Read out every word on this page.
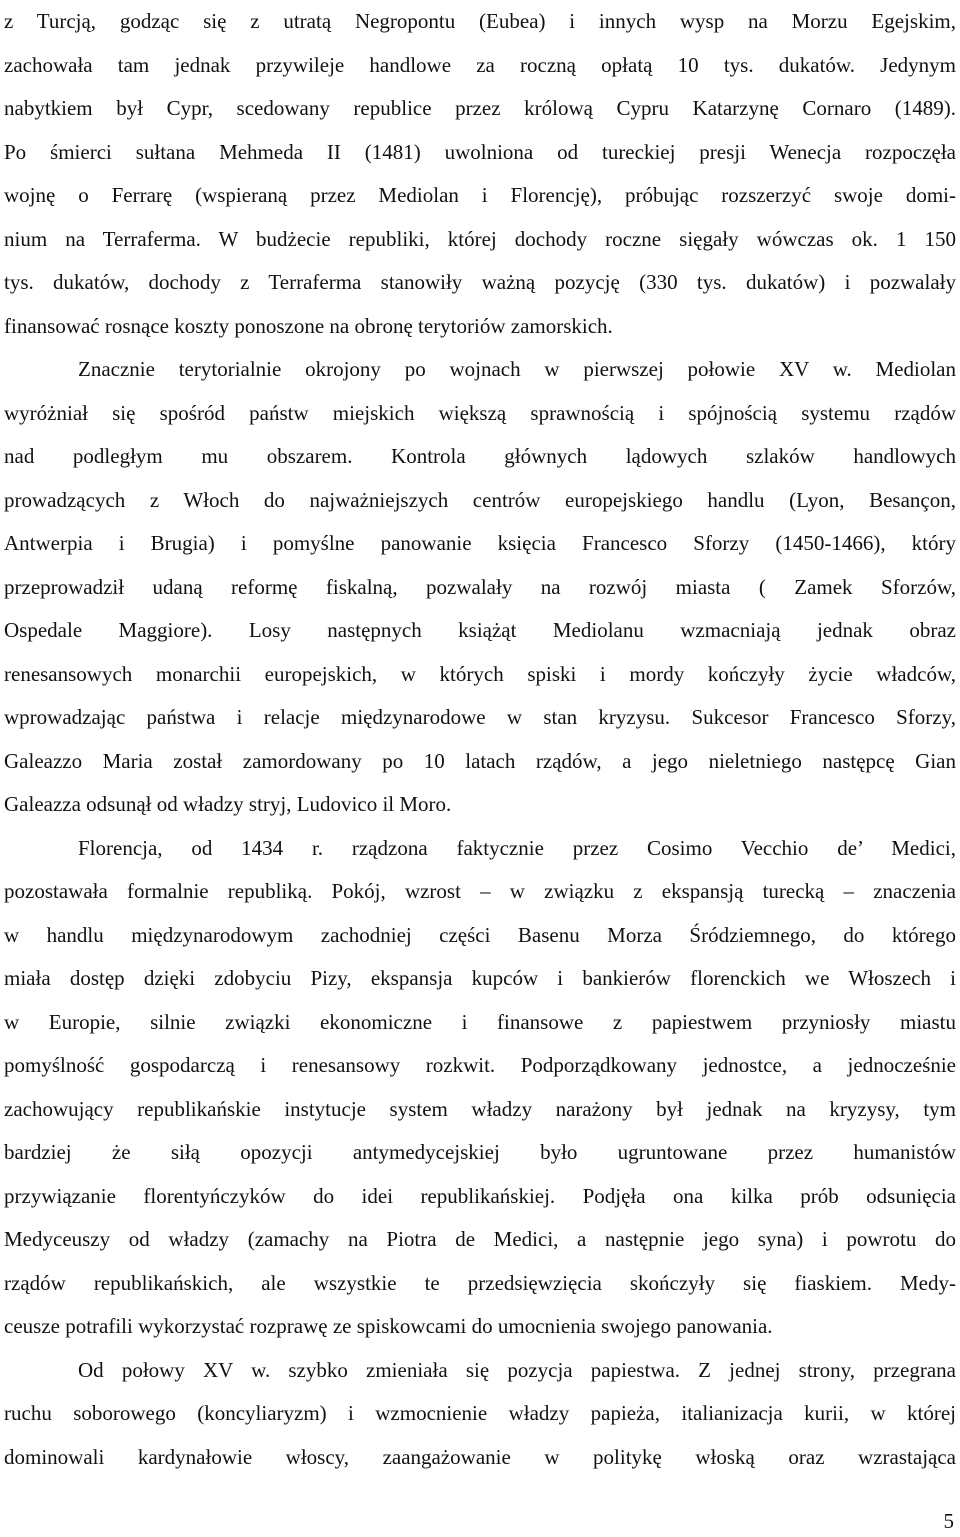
z Turcją, godząc się z utratą Negropontu (Eubea) i innych wysp na Morzu Egejskim,
zachowała tam jednak przywileje handlowe za roczną opłatą 10 tys. dukatów. Jedynym
nabytkiem był Cypr, scedowany republice przez królową Cypru Katarzynę Cornaro (1489).
Po śmierci sułtana Mehmeda II (1481) uwolniona od tureckiej presji Wenecja rozpoczęła
wojnę o Ferrarę (wspieraną przez Mediolan i Florencję), próbując rozszerzyć swoje domi-
nium na Terraferma. W budżecie republiki, której dochody roczne sięgały wówczas ok. 1 150
tys. dukatów, dochody z Terraferma stanowiły ważną pozycję (330 tys. dukatów) i pozwalały
finansować rosnące koszty ponoszone na obronę terytoriów zamorskich.
Znacznie terytorialnie okrojony po wojnach w pierwszej połowie XV w. Mediolan
wyróżniał się spośród państw miejskich większą sprawnością i spójnością systemu rządów
nad podległym mu obszarem. Kontrola głównych lądowych szlaków handlowych
prowadzących z Włoch do najważniejszych centrów europejskiego handlu (Lyon, Besançon,
Antwerpia i Brugia) i pomyślne panowanie księcia Francesco Sforzy (1450-1466), który
przeprowadził udaną reformę fiskalną, pozwalały na rozwój miasta ( Zamek Sforzów,
Ospedale Maggiore). Losy następnych książąt Mediolanu wzmacniają jednak obraz
renesansowych monarchii europejskich, w których spiski i mordy kończyły życie władców,
wprowadzając państwa i relacje międzynarodowe w stan kryzysu. Sukcesor Francesco Sforzy,
Galeazzo Maria został zamordowany po 10 latach rządów, a jego nieletniego następcę Gian
Galeazza odsunął od władzy stryj, Ludovico il Moro.
Florencja, od 1434 r. rządzona faktycznie przez Cosimo Vecchio de’ Medici,
pozostawała formalnie republiką. Pokój, wzrost – w związku z ekspansją turecką – znaczenia
w handlu międzynarodowym zachodniej części Basenu Morza Śródziemnego, do którego
miała dostęp dzięki zdobyciu Pizy, ekspansja kupców i bankierów florenckich we Włoszech i
w Europie, silnie związki ekonomiczne i finansowe z papiestwem przyniosły miastu
pomyślność gospodarczą i renesansowy rozkwit. Podporządkowany jednostce, a jednocześnie
zachowujący republikańskie instytucje system władzy narażony był jednak na kryzysy, tym
bardziej że siłą opozycji antymedycejskiej było ugruntowane przez humanistów
przywiązanie florentyńczyków do idei republikańskiej. Podjęła ona kilka prób odsunięcia
Medyceuszy od władzy (zamachy na Piotra de Medici, a następnie jego syna) i powrotu do
rządów republikańskich, ale wszystkie te przedsięwzięcia skończyły się fiaskiem. Medy-
ceusze potrafili wykorzystać rozprawę ze spiskowcami do umocnienia swojego panowania.
Od połowy XV w. szybko zmieniała się pozycja papiestwa. Z jednej strony, przegrana
ruchu soborowego (koncyliaryzm) i wzmocnienie władzy papieża, italianizacja kurii, w której
dominowali kardynałowie włoscy, zaangażowanie w politykę włoską oraz wzrastająca
5
